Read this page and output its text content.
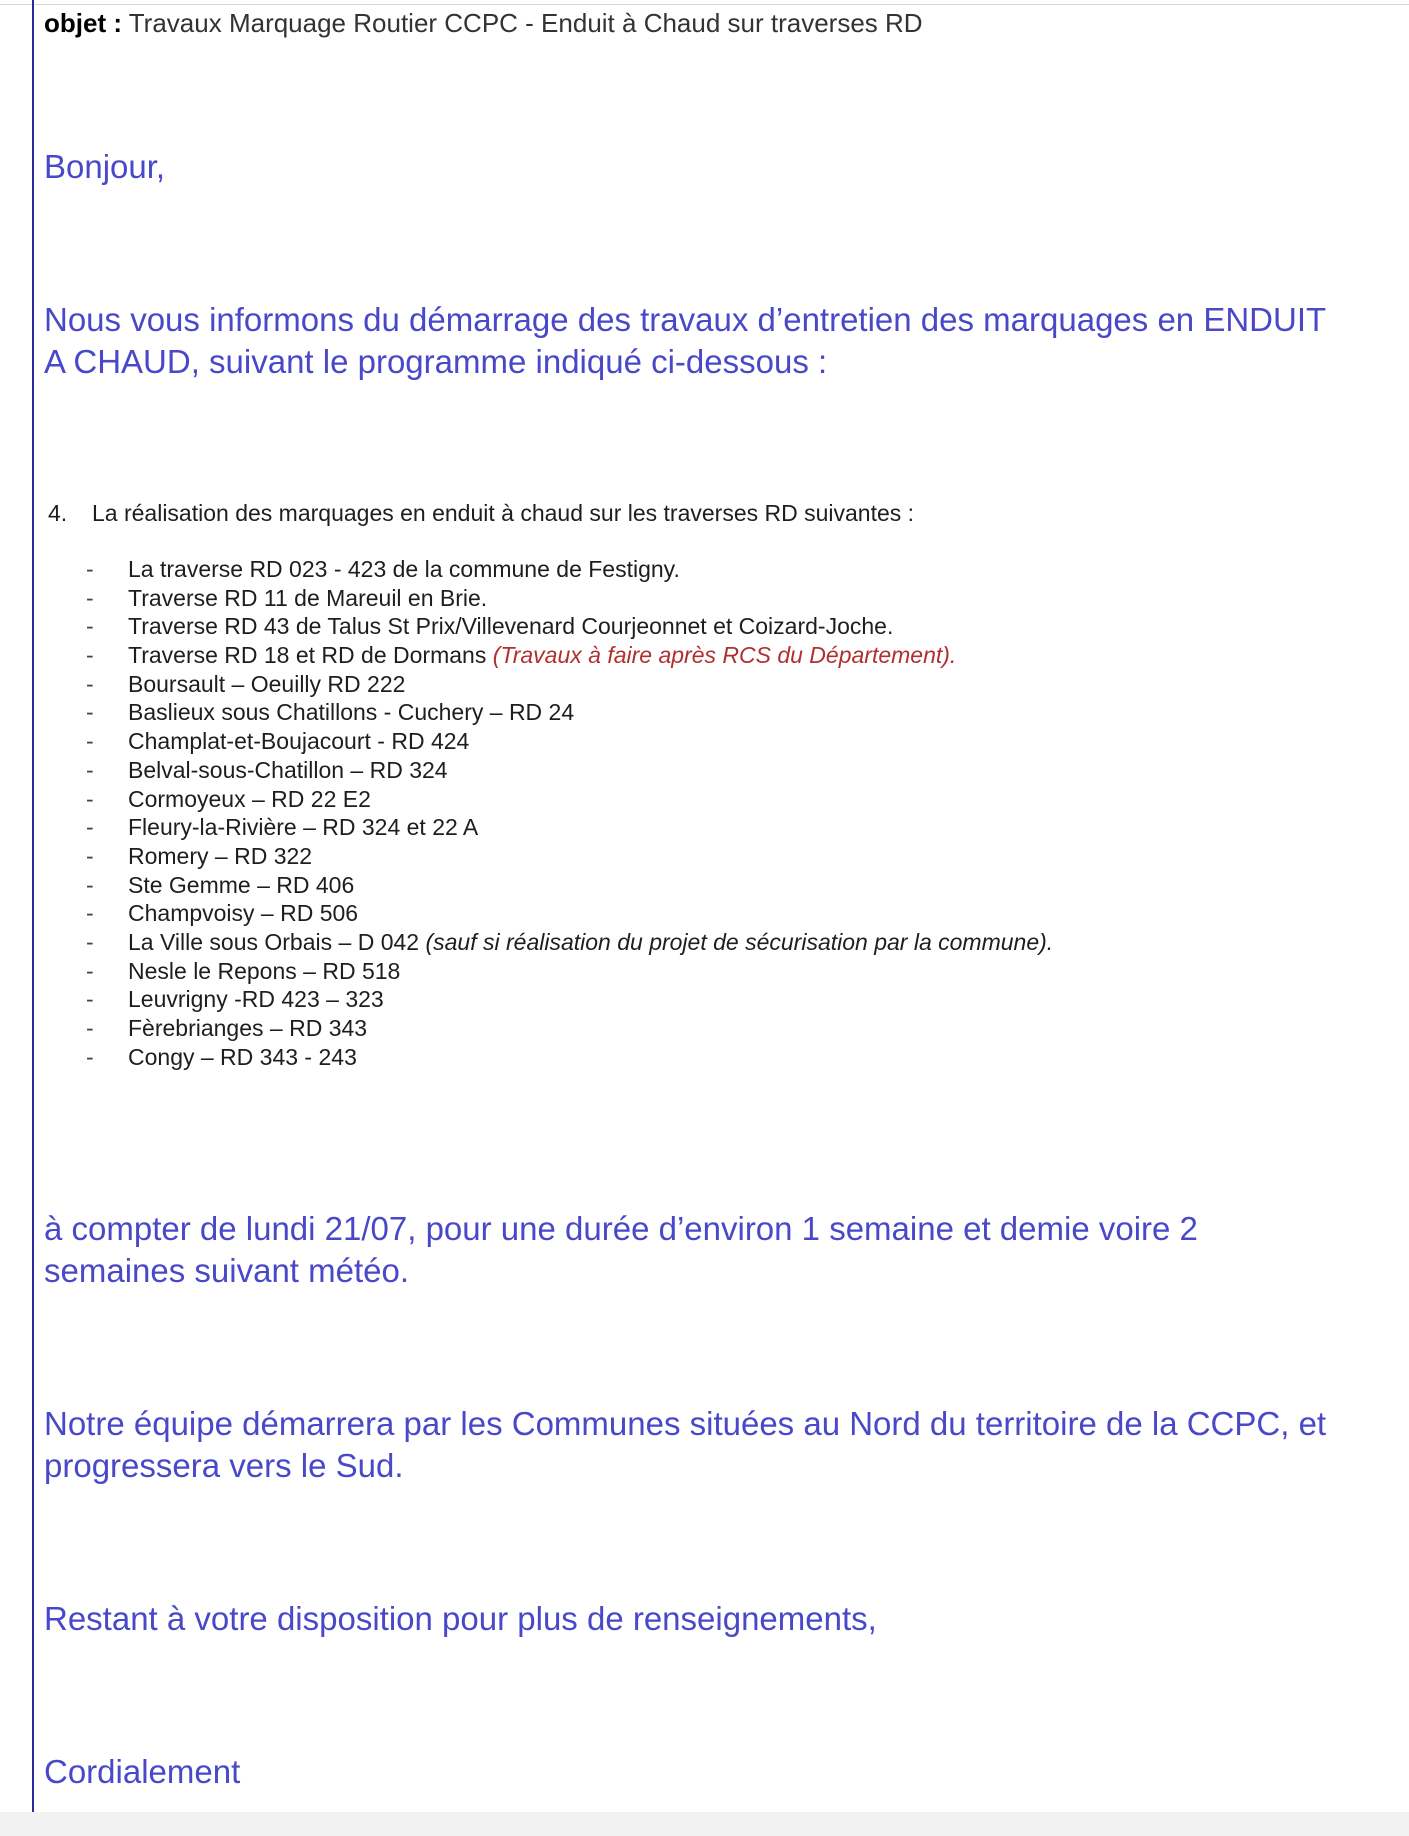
objet : Travaux Marquage Routier CCPC - Enduit à Chaud sur traverses RD

Bonjour,

Nous vous informons du démarrage des travaux d’entretien des marquages en ENDUIT
A CHAUD, suivant le programme indiqué ci-dessous :
4. La réalisation des marquages en enduit à chaud sur les traverses RD suivantes :
- La traverse RD 023 - 423 de la commune de Festigny.
- Traverse RD 11 de Mareuil en Brie.
- Traverse RD 43 de Talus St Prix/Villevenard Courjeonnet et Coizard-Joche.
- Traverse RD 18 et RD de Dormans (Travaux à faire après RCS du Département).
- Boursault – Oeuilly RD 222
- Baslieux sous Chatillons - Cuchery – RD 24
- Champlat-et-Boujacourt - RD 424
- Belval-sous-Chatillon – RD 324
- Cormoyeux – RD 22 E2
- Fleury-la-Rivière – RD 324 et 22 A
- Romery – RD 322
- Ste Gemme – RD 406
- Champvoisy – RD 506
- La Ville sous Orbais – D 042 (sauf si réalisation du projet de sécurisation par la commune).
- Nesle le Repons – RD 518
- Leuvrigny -RD 423 – 323
- Fèrebrianges – RD 343
- Congy – RD 343 - 243
à compter de lundi 21/07, pour une durée d’environ 1 semaine et demie voire 2
semaines suivant météo.
Notre équipe démarrera par les Communes situées au Nord du territoire de la CCPC, et
progressera vers le Sud.

Restant à votre disposition pour plus de renseignements,

Cordialement
